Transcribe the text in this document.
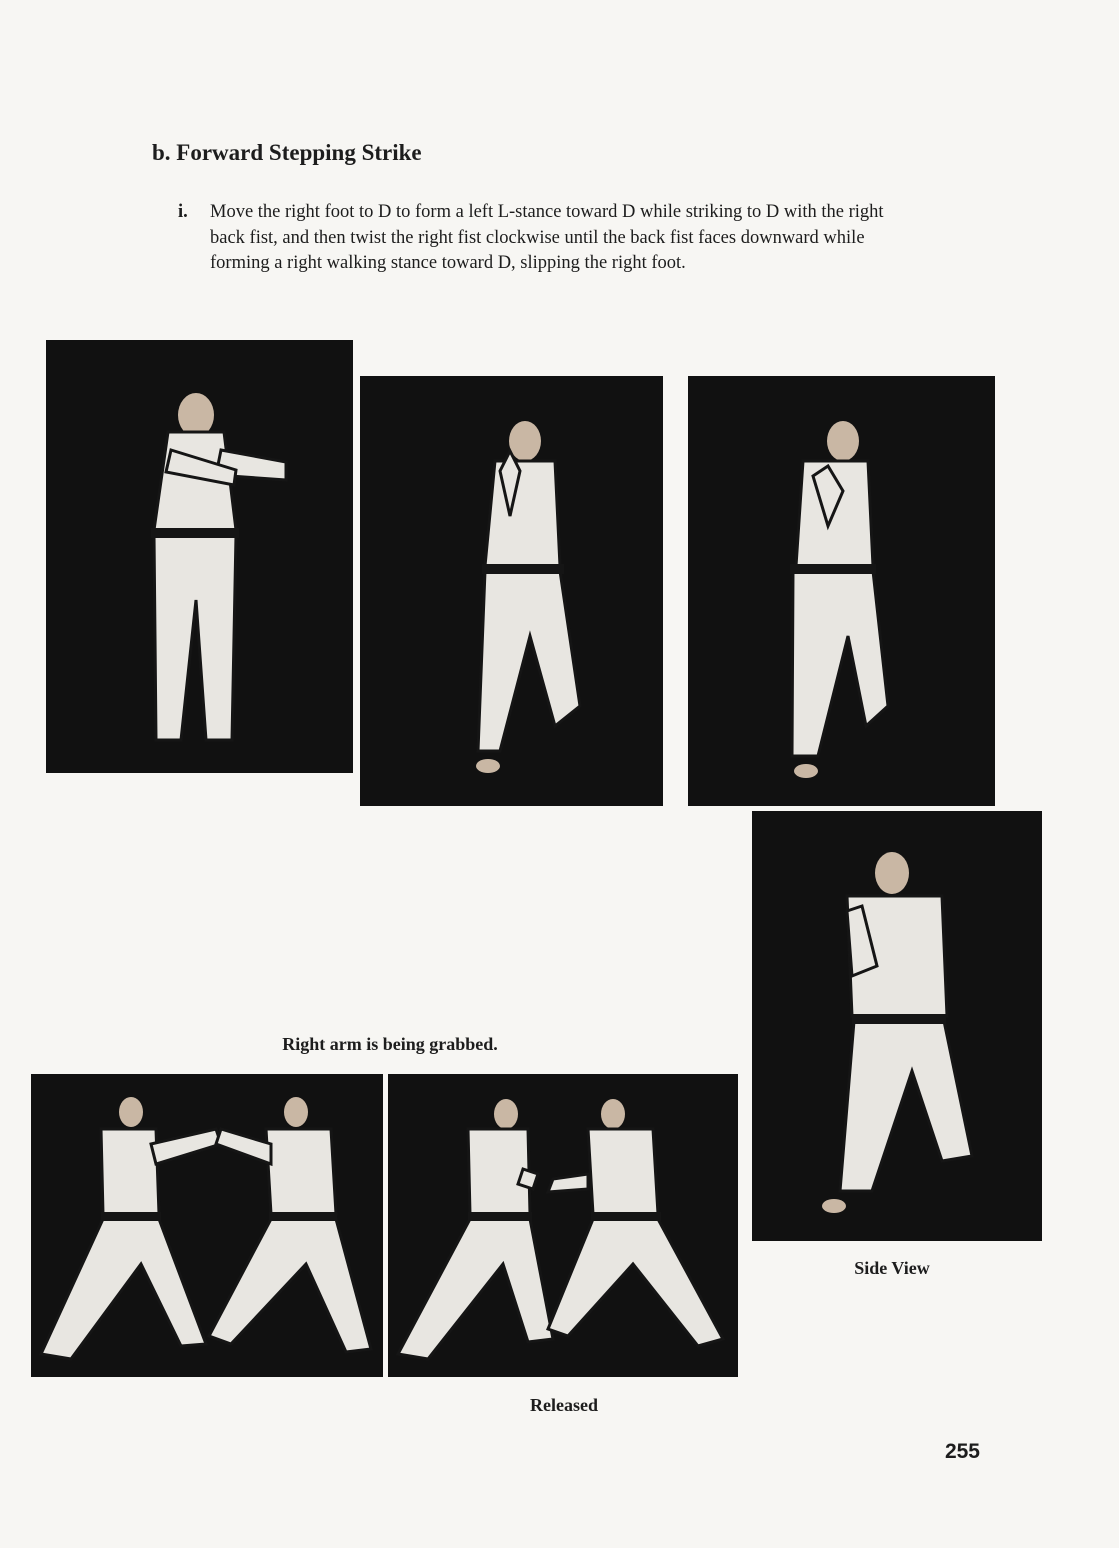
b. Forward Stepping Strike
i.	Move the right foot to D to form a left L-stance toward D while striking to D with the right back fist, and then twist the right fist clockwise until the back fist faces downward while forming a right walking stance toward D, slipping the right foot.
Right arm is being grabbed.
Side View
Released
255
